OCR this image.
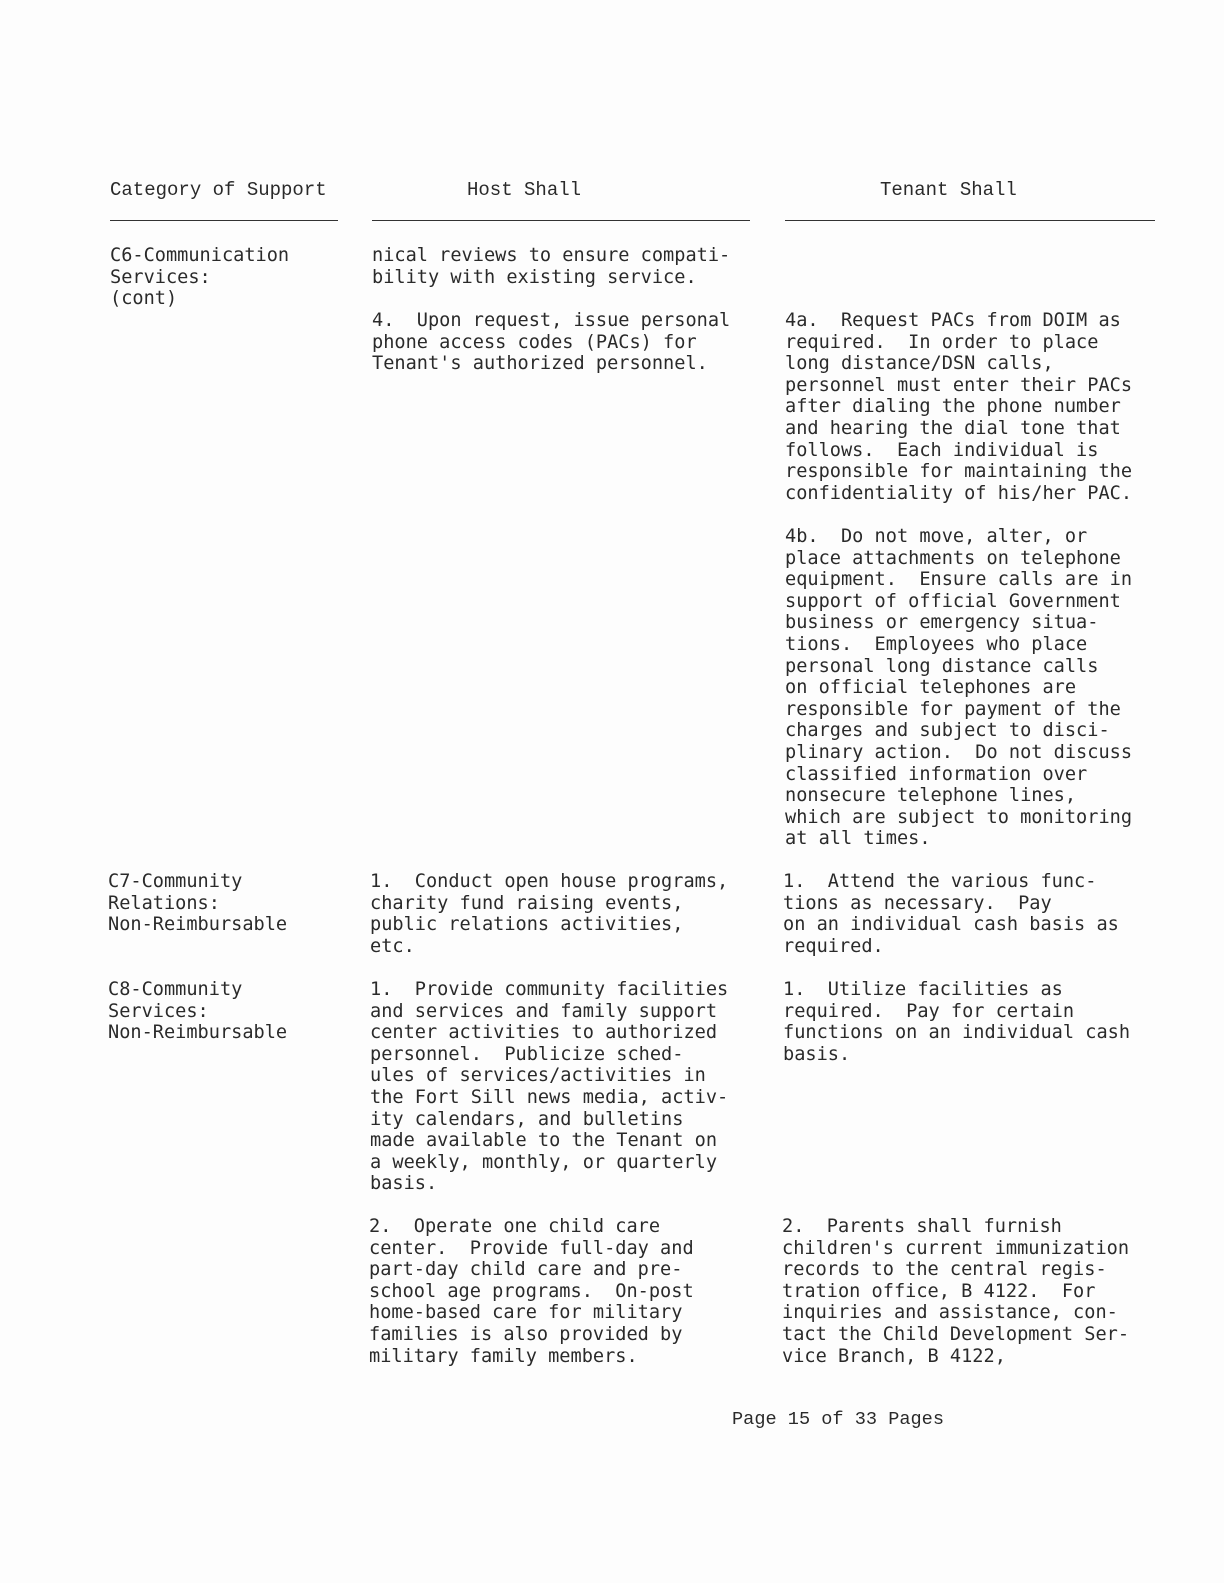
Category of Support	Host Shall	Tenant Shall
C6-Communication
Services:
(cont)
nical reviews to ensure compati-
bility with existing service.
4.  Upon request, issue personal
phone access codes (PACs) for
Tenant's authorized personnel.
4a.  Request PACs from DOIM as
required.  In order to place
long distance/DSN calls,
personnel must enter their PACs
after dialing the phone number
and hearing the dial tone that
follows.  Each individual is
responsible for maintaining the
confidentiality of his/her PAC.
4b.  Do not move, alter, or
place attachments on telephone
equipment.  Ensure calls are in
support of official Government
business or emergency situa-
tions.  Employees who place
personal long distance calls
on official telephones are
responsible for payment of the
charges and subject to disci-
plinary action.  Do not discuss
classified information over
nonsecure telephone lines,
which are subject to monitoring
at all times.
C7-Community
Relations:
Non-Reimbursable
1.  Conduct open house programs,
charity fund raising events,
public relations activities,
etc.
1.  Attend the various func-
tions as necessary.  Pay
on an individual cash basis as
required.
C8-Community
Services:
Non-Reimbursable
1.  Provide community facilities
and services and family support
center activities to authorized
personnel.  Publicize sched-
ules of services/activities in
the Fort Sill news media, activ-
ity calendars, and bulletins
made available to the Tenant on
a weekly, monthly, or quarterly
basis.
1.  Utilize facilities as
required.  Pay for certain
functions on an individual cash
basis.
2.  Operate one child care
center.  Provide full-day and
part-day child care and pre-
school age programs.  On-post
home-based care for military
families is also provided by
military family members.
2.  Parents shall furnish
children's current immunization
records to the central regis-
tration office, B 4122.  For
inquiries and assistance, con-
tact the Child Development Ser-
vice Branch, B 4122,
Page 15 of 33 Pages
